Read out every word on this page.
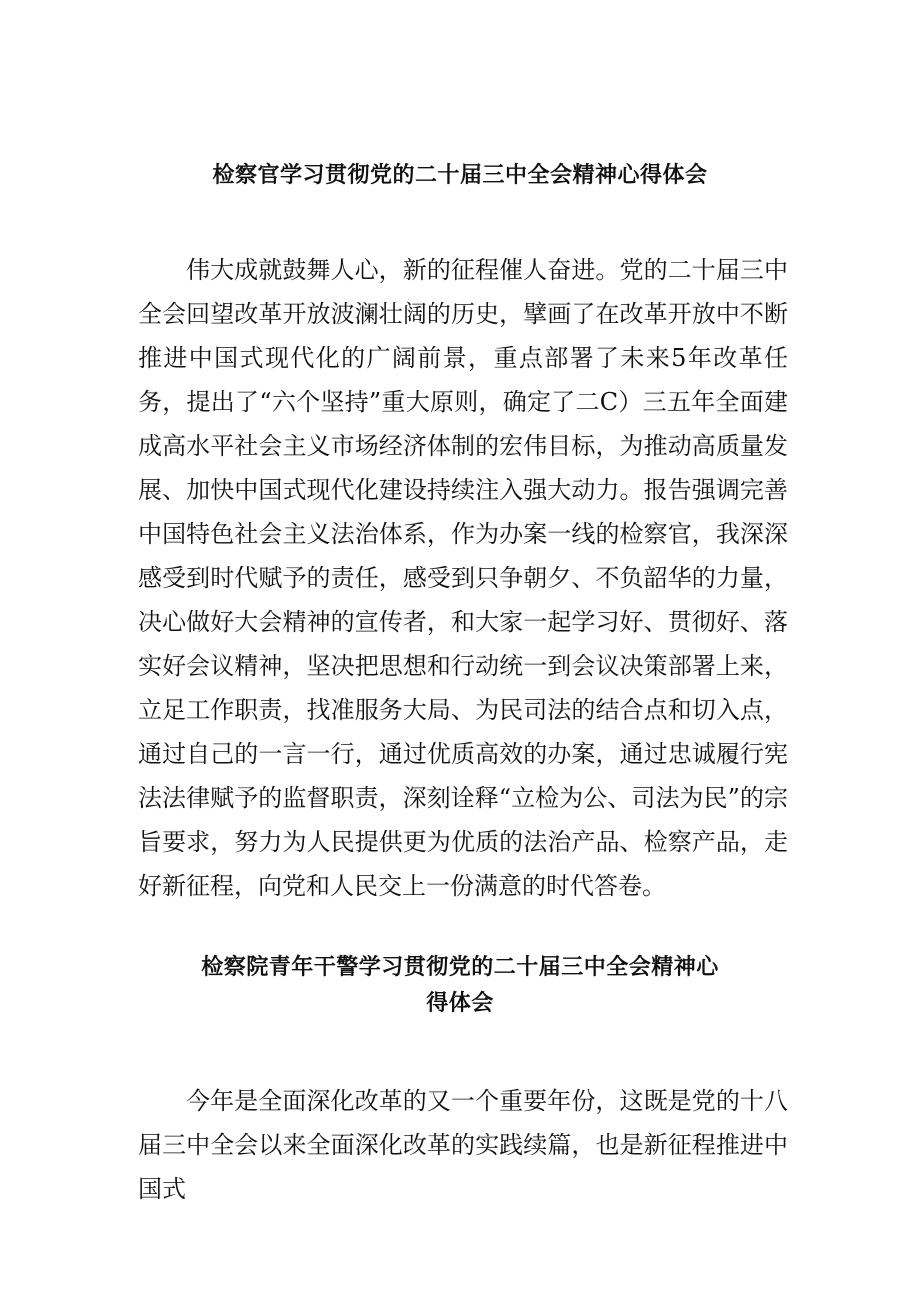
检察官学习贯彻党的二十届三中全会精神心得体会

伟大成就鼓舞人心，新的征程催人奋进。党的二十届三中全会回望改革开放波澜壮阔的历史，擘画了在改革开放中不断推进中国式现代化的广阔前景，重点部署了未来5年改革任务，提出了“六个坚持”重大原则，确定了二C）三五年全面建成高水平社会主义市场经济体制的宏伟目标，为推动高质量发展、加快中国式现代化建设持续注入强大动力。报告强调完善中国特色社会主义法治体系，作为办案一线的检察官，我深深感受到时代赋予的责任，感受到只争朝夕、不负韶华的力量，决心做好大会精神的宣传者，和大家一起学习好、贯彻好、落实好会议精神，坚决把思想和行动统一到会议决策部署上来，立足工作职责，找准服务大局、为民司法的结合点和切入点，通过自己的一言一行，通过优质高效的办案，通过忠诚履行宪法法律赋予的监督职责，深刻诠释“立检为公、司法为民”的宗旨要求，努力为人民提供更为优质的法治产品、检察产品，走好新征程，向党和人民交上一份满意的时代答卷。

检察院青年干警学习贯彻党的二十届三中全会精神心
得体会

今年是全面深化改革的又一个重要年份，这既是党的十八届三中全会以来全面深化改革的实践续篇，也是新征程推进中国式
